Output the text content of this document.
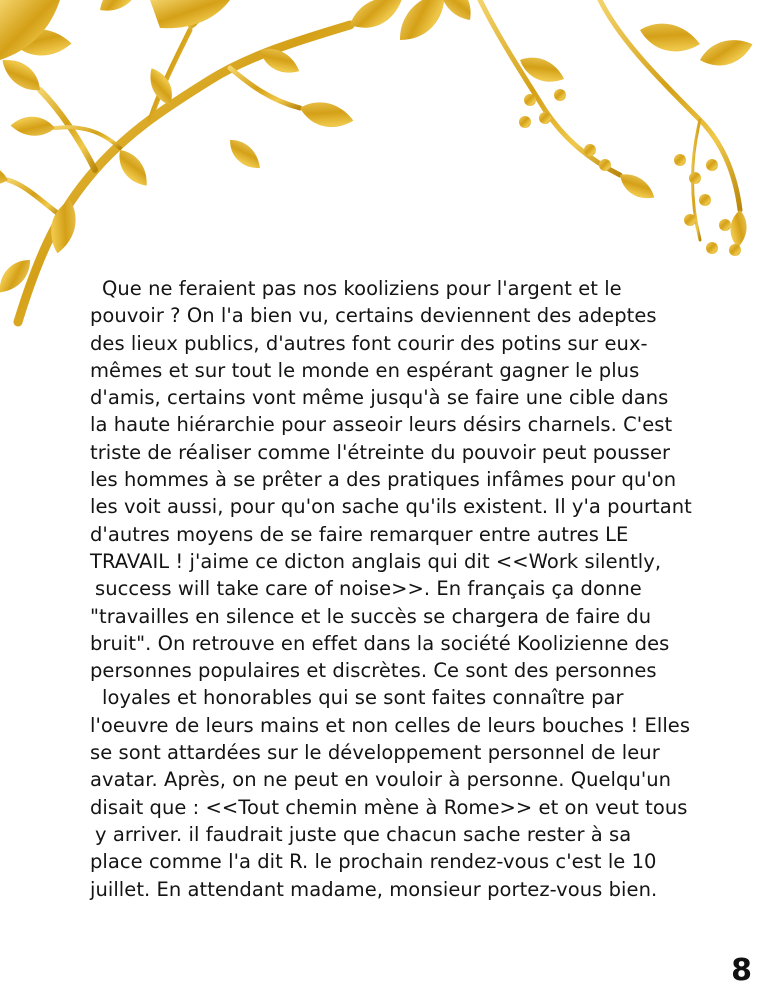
Que ne feraient pas nos kooliziens pour l'argent et le
pouvoir ? On l'a bien vu, certains deviennent des adeptes
des lieux publics, d'autres font courir des potins sur eux-
mêmes et sur tout le monde en espérant gagner le plus
d'amis, certains vont même jusqu'à se faire une cible dans
la haute hiérarchie pour asseoir leurs désirs charnels. C'est
triste de réaliser comme l'étreinte du pouvoir peut pousser
les hommes à se prêter a des pratiques infâmes pour qu'on
les voit aussi, pour qu'on sache qu'ils existent. Il y'a pourtant
d'autres moyens de se faire remarquer entre autres LE
TRAVAIL ! j'aime ce dicton anglais qui dit <<Work silently,
success will take care of noise>>. En français ça donne
"travailles en silence et le succès se chargera de faire du
bruit". On retrouve en effet dans la société Koolizienne des
personnes populaires et discrètes. Ce sont des personnes
loyales et honorables qui se sont faites connaître par
l'oeuvre de leurs mains et non celles de leurs bouches ! Elles
se sont attardées sur le développement personnel de leur
avatar. Après, on ne peut en vouloir à personne. Quelqu'un
disait que : <<Tout chemin mène à Rome>> et on veut tous
y arriver. il faudrait juste que chacun sache rester à sa
place comme l'a dit R. le prochain rendez-vous c'est le 10
juillet. En attendant madame, monsieur portez-vous bien.
8
